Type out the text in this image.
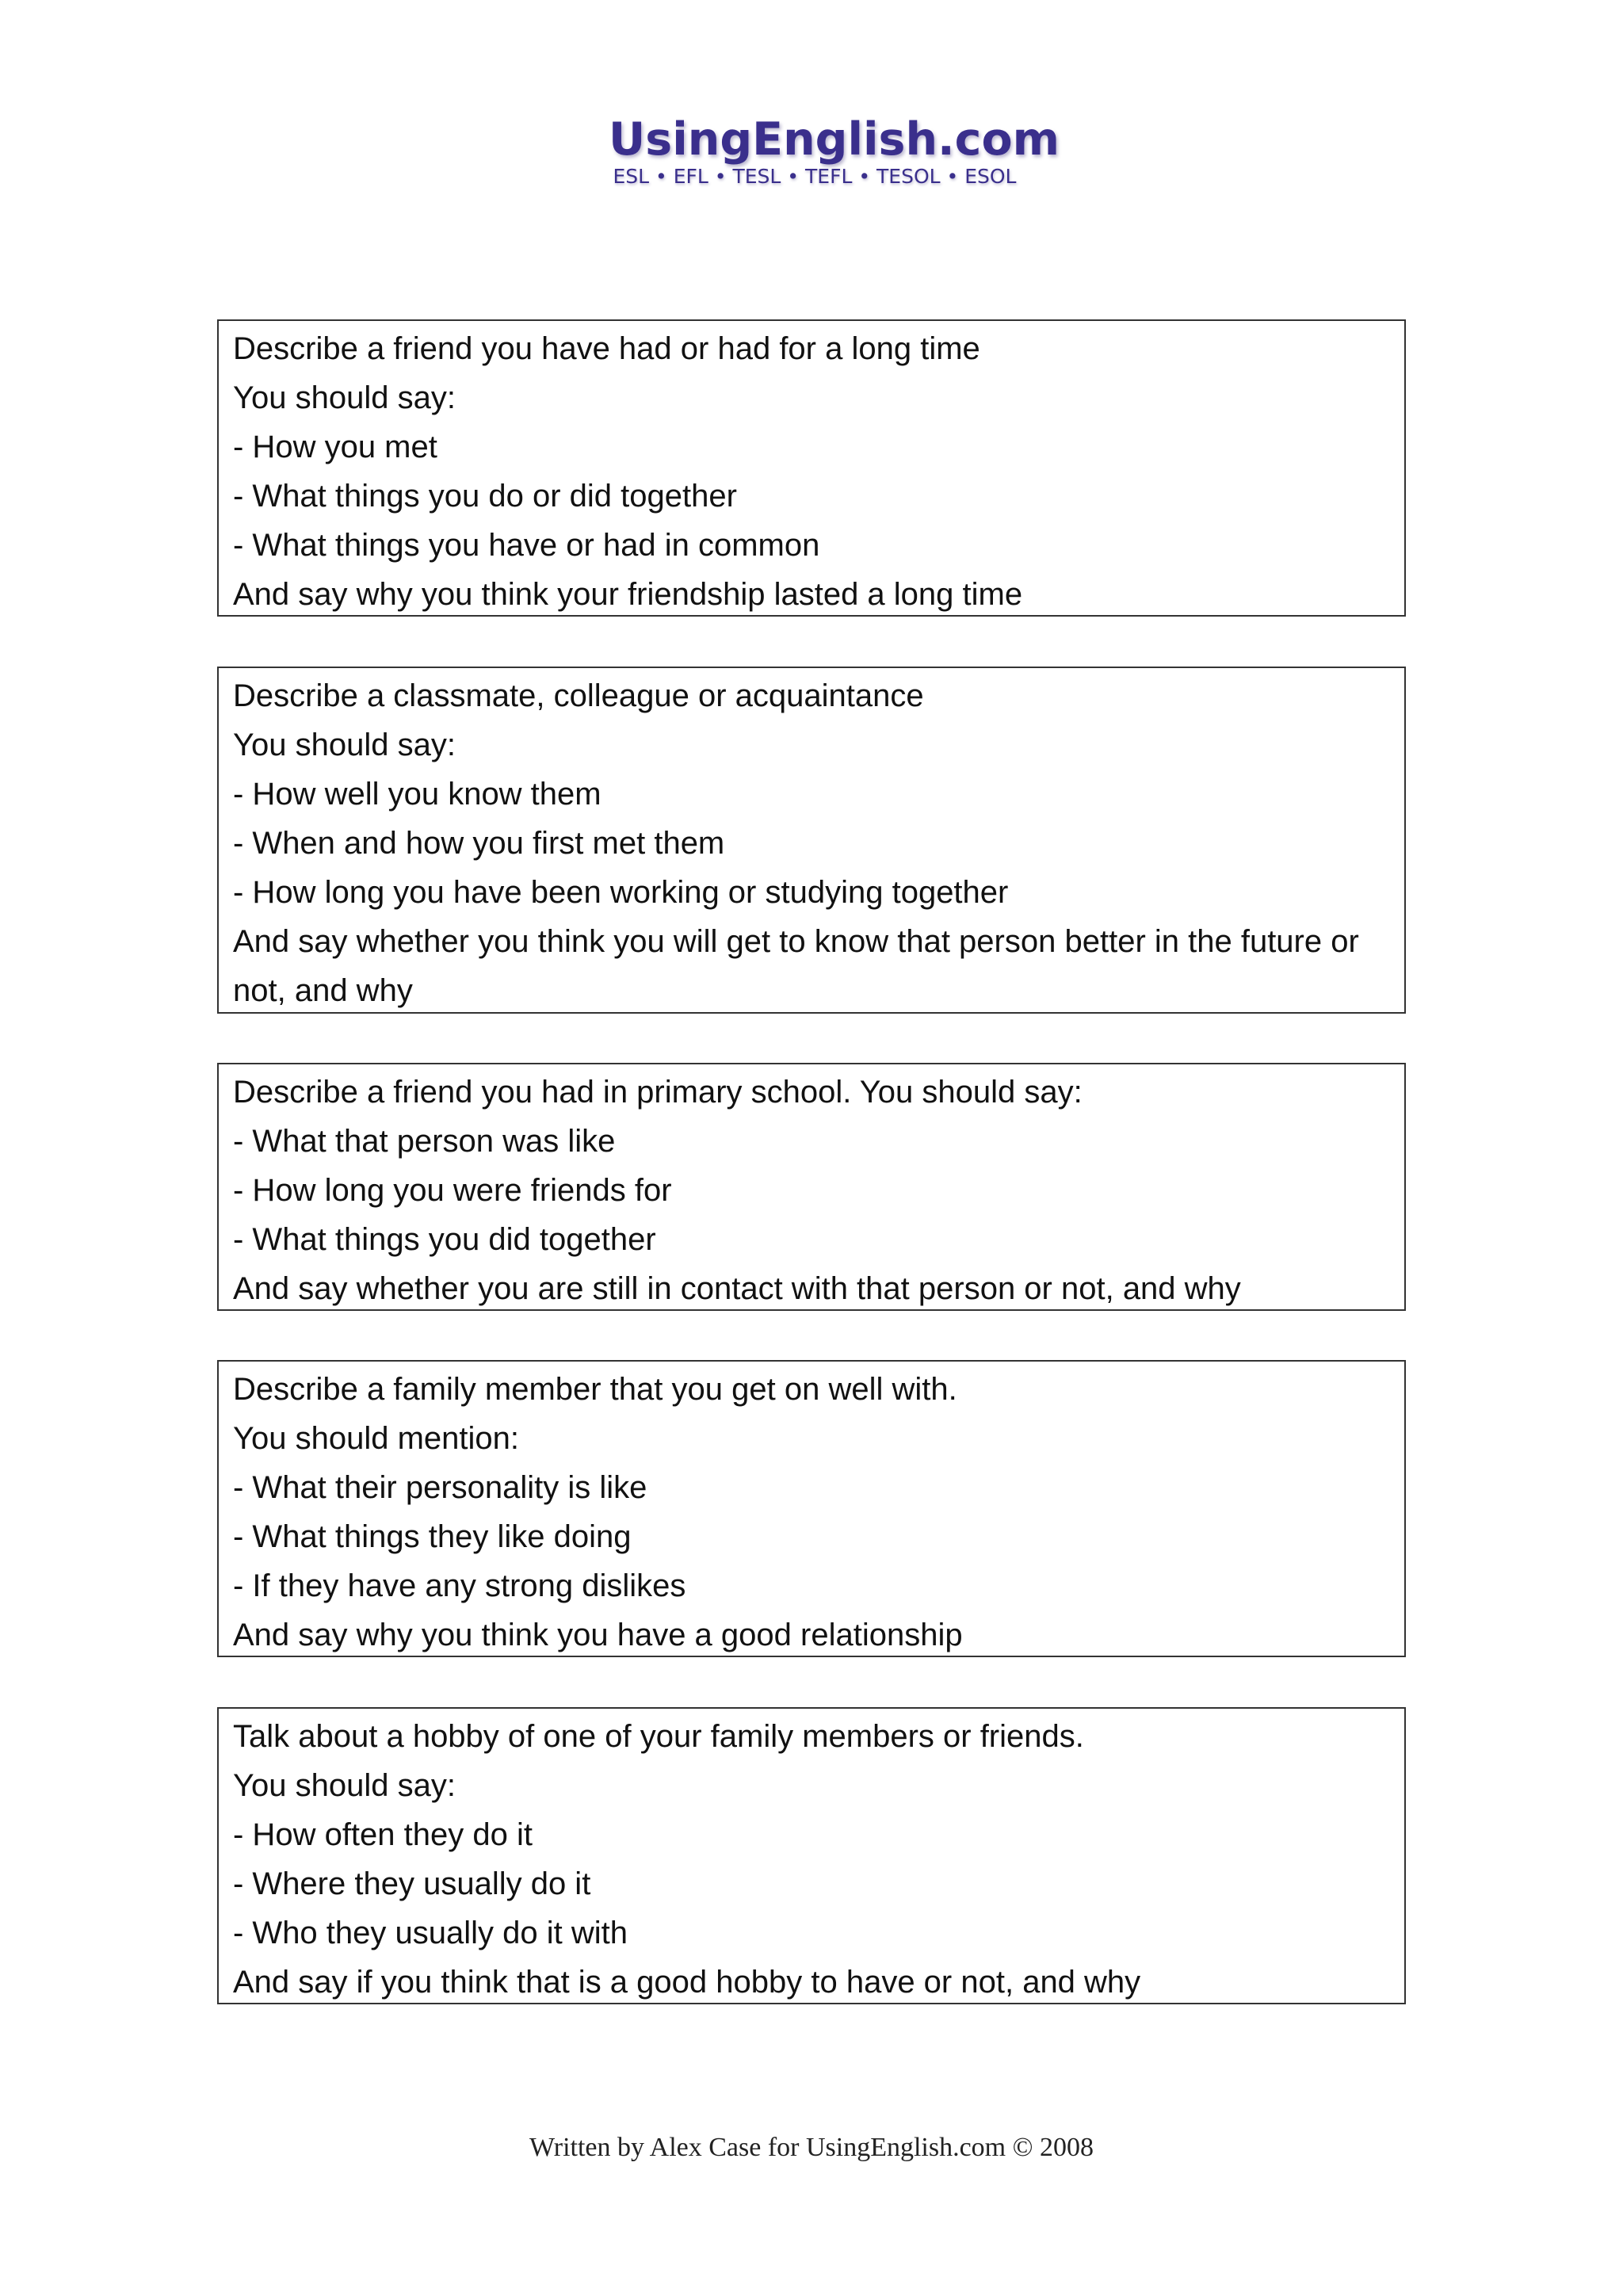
UsingEnglish.com
ESL • EFL • TESL • TEFL • TESOL • ESOL
Describe a friend you have had or had for a long time
You should say:
- How you met
- What things you do or did together
- What things you have or had in common
And say why you think your friendship lasted a long time
Describe a classmate, colleague or acquaintance
You should say:
- How well you know them
- When and how you first met them
- How long you have been working or studying together
And say whether you think you will get to know that person better in the future or not, and why
Describe a friend you had in primary school. You should say:
- What that person was like
- How long you were friends for
- What things you did together
And say whether you are still in contact with that person or not, and why
Describe a family member that you get on well with.
You should mention:
- What their personality is like
- What things they like doing
- If they have any strong dislikes
And say why you think you have a good relationship
Talk about a hobby of one of your family members or friends.
You should say:
- How often they do it
- Where they usually do it
- Who they usually do it with
And say if you think that is a good hobby to have or not, and why
Written by Alex Case for UsingEnglish.com © 2008
